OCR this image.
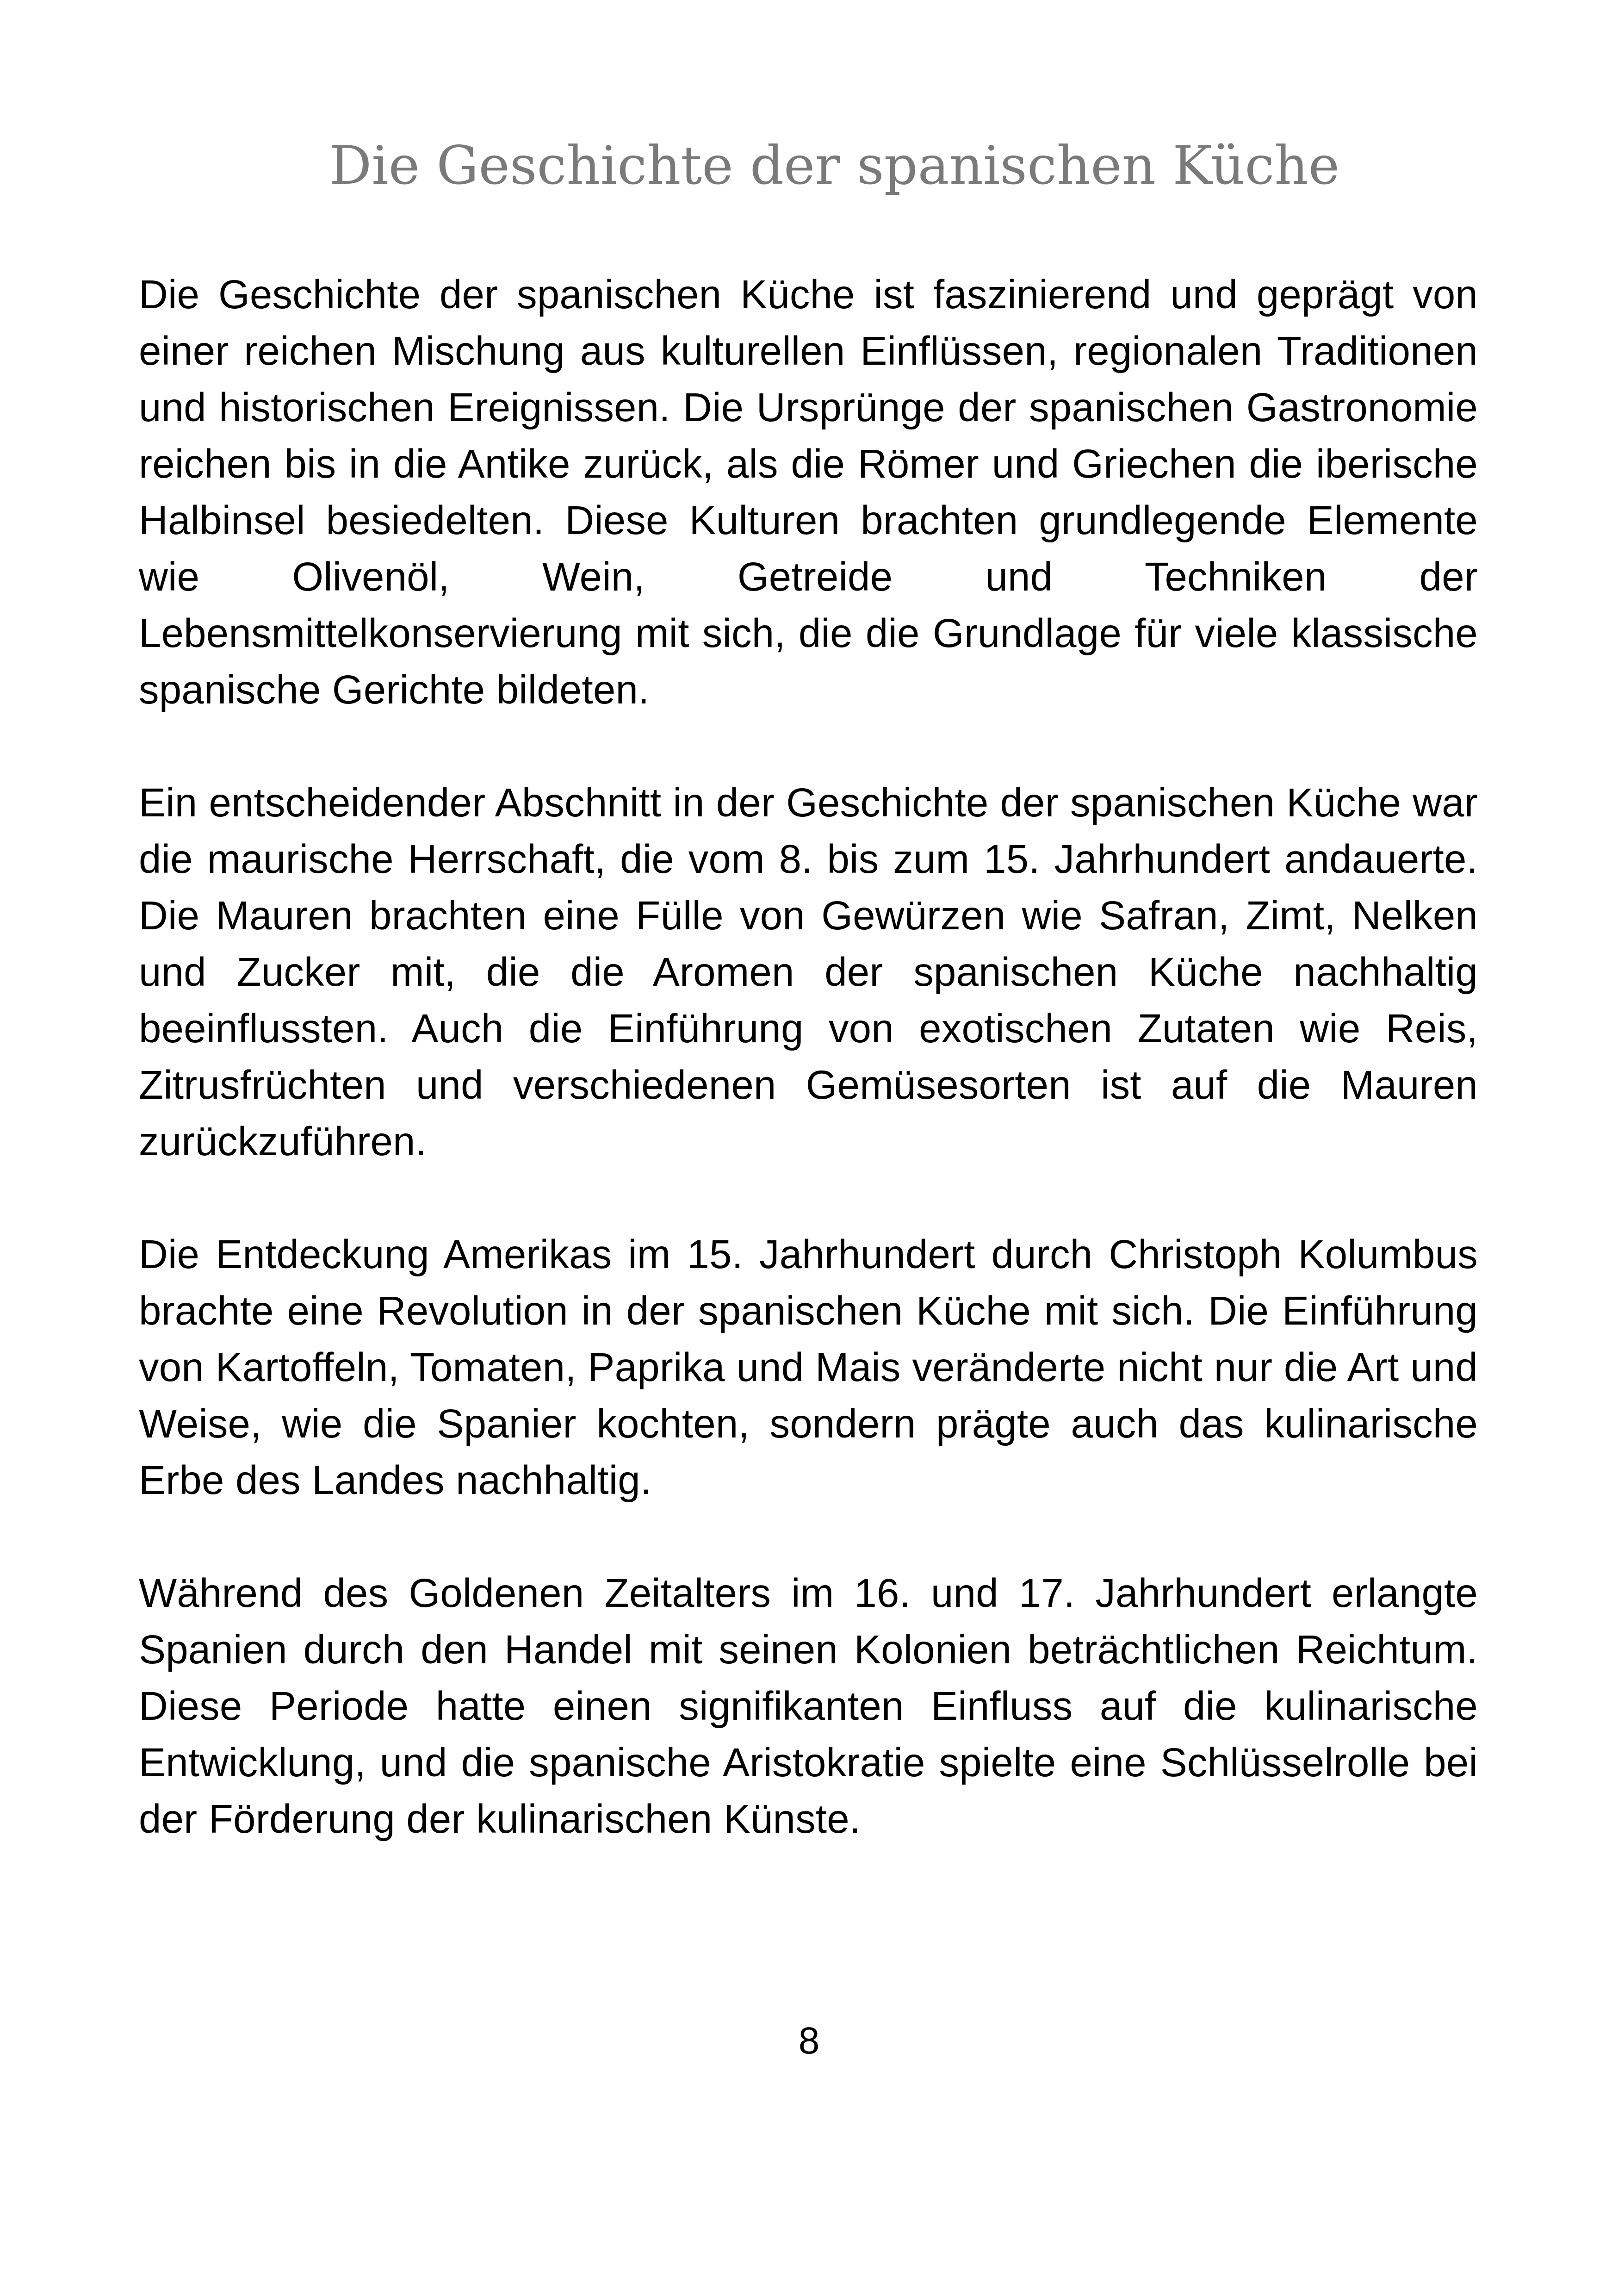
Die Geschichte der spanischen Küche

Die Geschichte der spanischen Küche ist faszinierend und geprägt von einer reichen Mischung aus kulturellen Einflüssen, regionalen Traditionen und historischen Ereignissen. Die Ursprünge der spanischen Gastronomie reichen bis in die Antike zurück, als die Römer und Griechen die iberische Halbinsel besiedelten. Diese Kulturen brachten grundlegende Elemente wie Olivenöl, Wein, Getreide und Techniken der Lebensmittelkonservierung mit sich, die die Grundlage für viele klassische spanische Gerichte bildeten.

Ein entscheidender Abschnitt in der Geschichte der spanischen Küche war die maurische Herrschaft, die vom 8. bis zum 15. Jahrhundert andauerte. Die Mauren brachten eine Fülle von Gewürzen wie Safran, Zimt, Nelken und Zucker mit, die die Aromen der spanischen Küche nachhaltig beeinflussten. Auch die Einführung von exotischen Zutaten wie Reis, Zitrusfrüchten und verschiedenen Gemüsesorten ist auf die Mauren zurückzuführen.

Die Entdeckung Amerikas im 15. Jahrhundert durch Christoph Kolumbus brachte eine Revolution in der spanischen Küche mit sich. Die Einführung von Kartoffeln, Tomaten, Paprika und Mais veränderte nicht nur die Art und Weise, wie die Spanier kochten, sondern prägte auch das kulinarische Erbe des Landes nachhaltig.

Während des Goldenen Zeitalters im 16. und 17. Jahrhundert erlangte Spanien durch den Handel mit seinen Kolonien beträchtlichen Reichtum. Diese Periode hatte einen signifikanten Einfluss auf die kulinarische Entwicklung, und die spanische Aristokratie spielte eine Schlüsselrolle bei der Förderung der kulinarischen Künste.

8
